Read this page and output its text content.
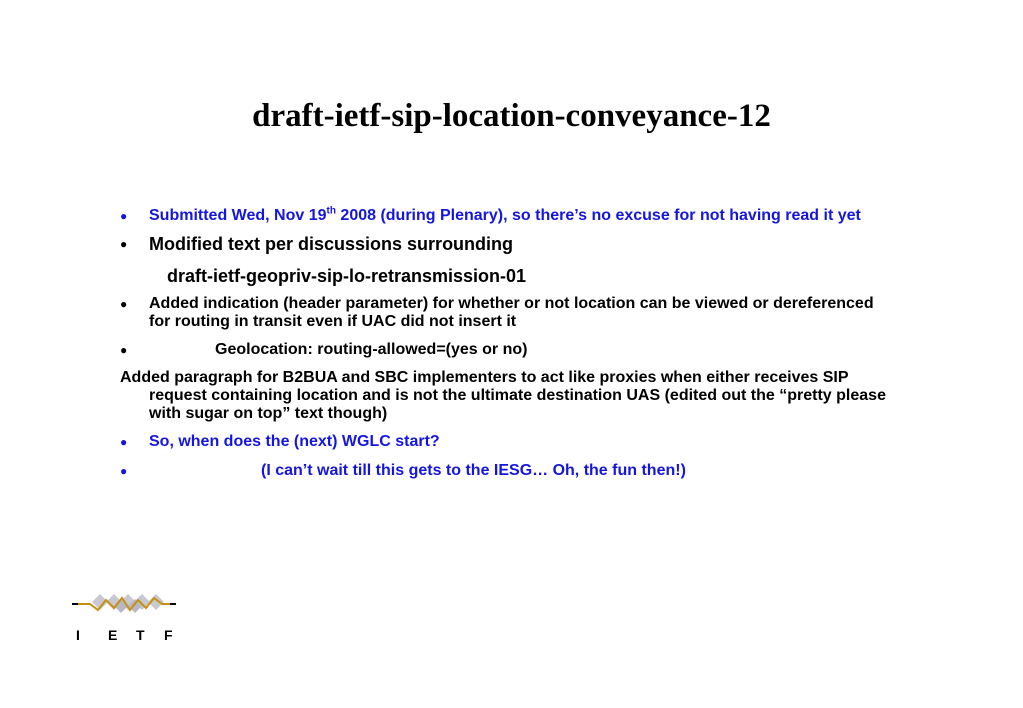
draft-ietf-sip-location-conveyance-12
●	Submitted Wed, Nov 19th 2008 (during Plenary), so there’s no excuse for not having read it yet
●	Modified text per discussions surrounding
draft-ietf-geopriv-sip-lo-retransmission-01
●	Added indication (header parameter) for whether or not location can be viewed or dereferenced for routing in transit even if UAC did not insert it
●	Geolocation: routing-allowed=(yes or no)
Added paragraph for B2BUA and SBC implementers to act like proxies when either receives SIP request containing location and is not the ultimate destination UAS (edited out the “pretty please with sugar on top” text though)
●	So, when does the (next) WGLC start?
●	(I can’t wait till this gets to the IESG… Oh, the fun then!)
I E T F
